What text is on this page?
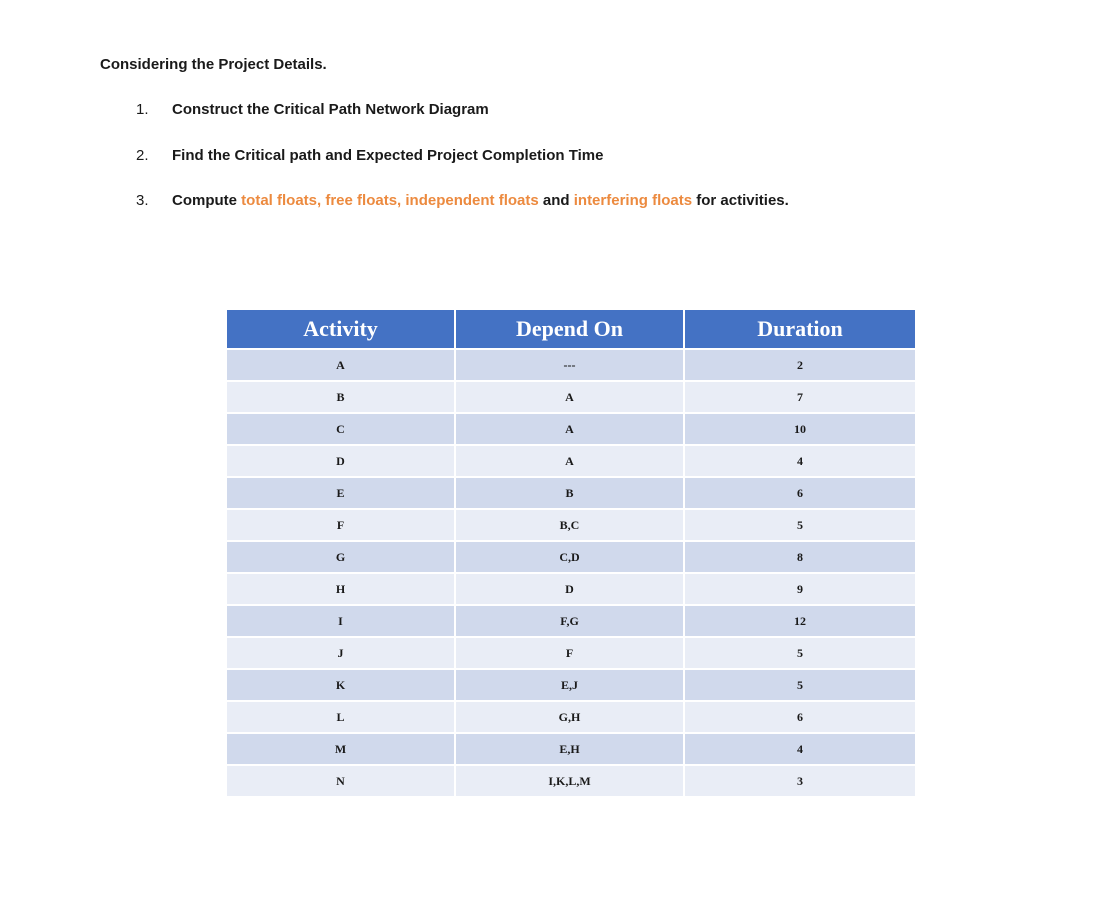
Considering the Project Details.
1. Construct the Critical Path Network Diagram
2. Find the Critical path and Expected Project Completion Time
3. Compute total floats, free floats, independent floats and interfering floats for activities.
Activity	Depend On	Duration
A	---	2
B	A	7
C	A	10
D	A	4
E	B	6
F	B,C	5
G	C,D	8
H	D	9
I	F,G	12
J	F	5
K	E,J	5
L	G,H	6
M	E,H	4
N	I,K,L,M	3
